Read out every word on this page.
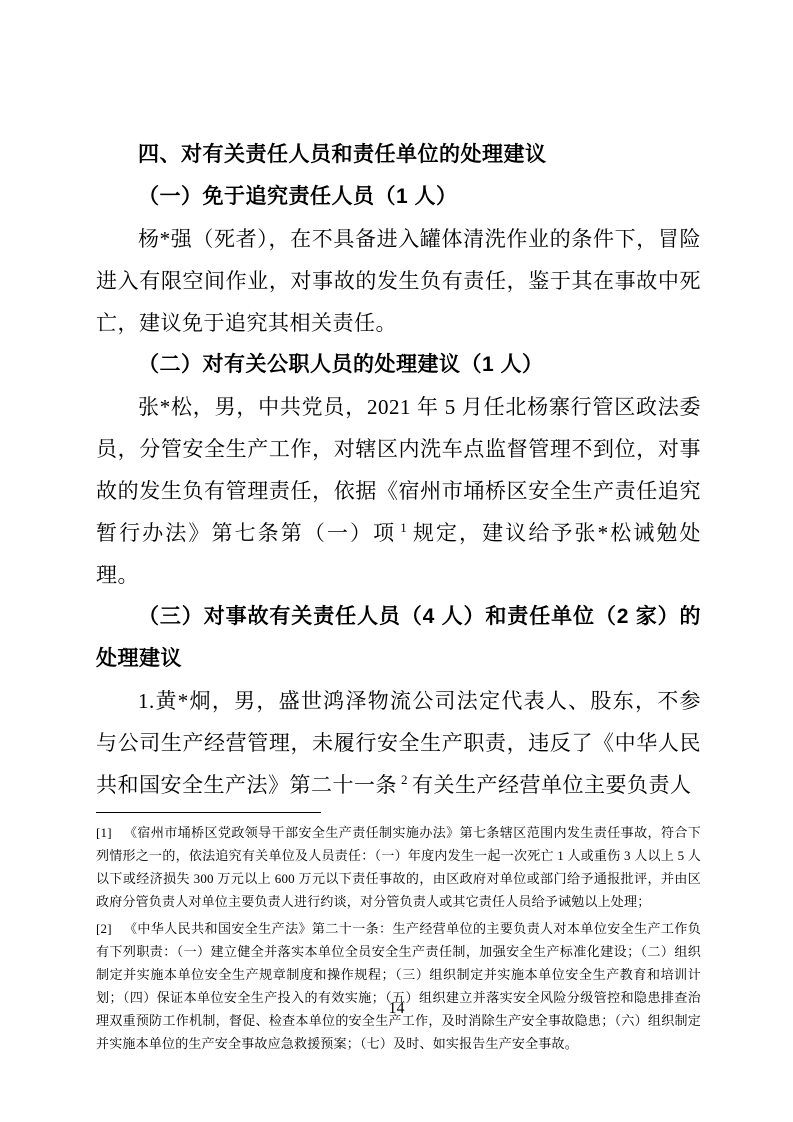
四、对有关责任人员和责任单位的处理建议
（一）免于追究责任人员（1 人）

杨*强（死者），在不具备进入罐体清洗作业的条件下，冒险进入有限空间作业，对事故的发生负有责任，鉴于其在事故中死亡，建议免于追究其相关责任。

（二）对有关公职人员的处理建议（1 人）

张*松，男，中共党员，2021 年 5 月任北杨寨行管区政法委员，分管安全生产工作，对辖区内洗车点监督管理不到位，对事故的发生负有管理责任，依据《宿州市埇桥区安全生产责任追究暂行办法》第七条第（一）项 $^1$ 规定，建议给予张*松诫勉处理。

（三）对事故有关责任人员（4 人）和责任单位（2 家）的处理建议

1.黄*炯，男，盛世鸿泽物流公司法定代表人、股东，不参与公司生产经营管理，未履行安全生产职责，违反了《中华人民共和国安全生产法》第二十一条 $^2$ 有关生产经营单位主要负责人

[1] 《宿州市埇桥区党政领导干部安全生产责任制实施办法》第七条辖区范围内发生责任事故，符合下列情形之一的，依法追究有关单位及人员责任：（一）年度内发生一起一次死亡 1 人或重伤 3 人以上 5 人以下或经济损失 300 万元以上 600 万元以下责任事故的，由区政府对单位或部门给予通报批评，并由区政府分管负责人对单位主要负责人进行约谈，对分管负责人或其它责任人员给予诫勉以上处理；

[2] 《中华人民共和国安全生产法》第二十一条：生产经营单位的主要负责人对本单位安全生产工作负有下列职责：（一）建立健全并落实本单位全员安全生产责任制，加强安全生产标准化建设；（二）组织制定并实施本单位安全生产规章制度和操作规程；（三）组织制定并实施本单位安全生产教育和培训计划；（四）保证本单位安全生产投入的有效实施；（五）组织建立并落实安全风险分级管控和隐患排查治理双重预防工作机制，督促、检查本单位的安全生产工作，及时消除生产安全事故隐患；（六）组织制定并实施本单位的生产安全事故应急救援预案；（七）及时、如实报告生产安全事故。

14
